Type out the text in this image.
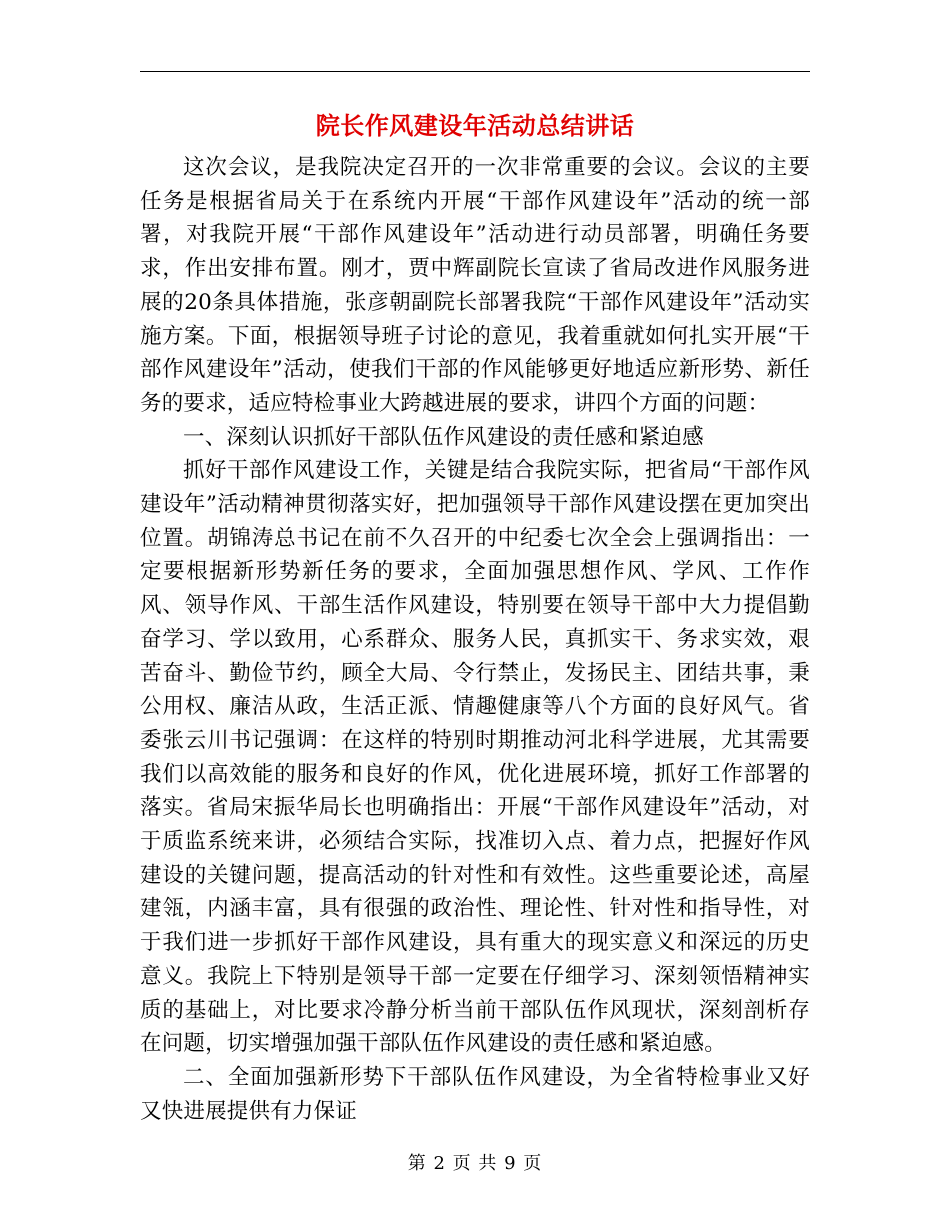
院长作风建设年活动总结讲话

这次会议，是我院决定召开的一次非常重要的会议。会议的主要任务是根据省局关于在系统内开展“干部作风建设年”活动的统一部署，对我院开展“干部作风建设年”活动进行动员部署，明确任务要求，作出安排布置。刚才，贾中辉副院长宣读了省局改进作风服务进展的20条具体措施，张彦朝副院长部署我院“干部作风建设年”活动实施方案。下面，根据领导班子讨论的意见，我着重就如何扎实开展“干部作风建设年”活动，使我们干部的作风能够更好地适应新形势、新任务的要求，适应特检事业大跨越进展的要求，讲四个方面的问题：

一、深刻认识抓好干部队伍作风建设的责任感和紧迫感

抓好干部作风建设工作，关键是结合我院实际，把省局“干部作风建设年”活动精神贯彻落实好，把加强领导干部作风建设摆在更加突出位置。胡锦涛总书记在前不久召开的中纪委七次全会上强调指出：一定要根据新形势新任务的要求，全面加强思想作风、学风、工作作风、领导作风、干部生活作风建设，特别要在领导干部中大力提倡勤奋学习、学以致用，心系群众、服务人民，真抓实干、务求实效，艰苦奋斗、勤俭节约，顾全大局、令行禁止，发扬民主、团结共事，秉公用权、廉洁从政，生活正派、情趣健康等八个方面的良好风气。省委张云川书记强调：在这样的特别时期推动河北科学进展，尤其需要我们以高效能的服务和良好的作风，优化进展环境，抓好工作部署的落实。省局宋振华局长也明确指出：开展“干部作风建设年”活动，对于质监系统来讲，必须结合实际，找准切入点、着力点，把握好作风建设的关键问题，提高活动的针对性和有效性。这些重要论述，高屋建瓴，内涵丰富，具有很强的政治性、理论性、针对性和指导性，对于我们进一步抓好干部作风建设，具有重大的现实意义和深远的历史意义。我院上下特别是领导干部一定要在仔细学习、深刻领悟精神实质的基础上，对比要求冷静分析当前干部队伍作风现状，深刻剖析存在问题，切实增强加强干部队伍作风建设的责任感和紧迫感。

二、全面加强新形势下干部队伍作风建设，为全省特检事业又好又快进展提供有力保证

第 2 页 共 9 页
